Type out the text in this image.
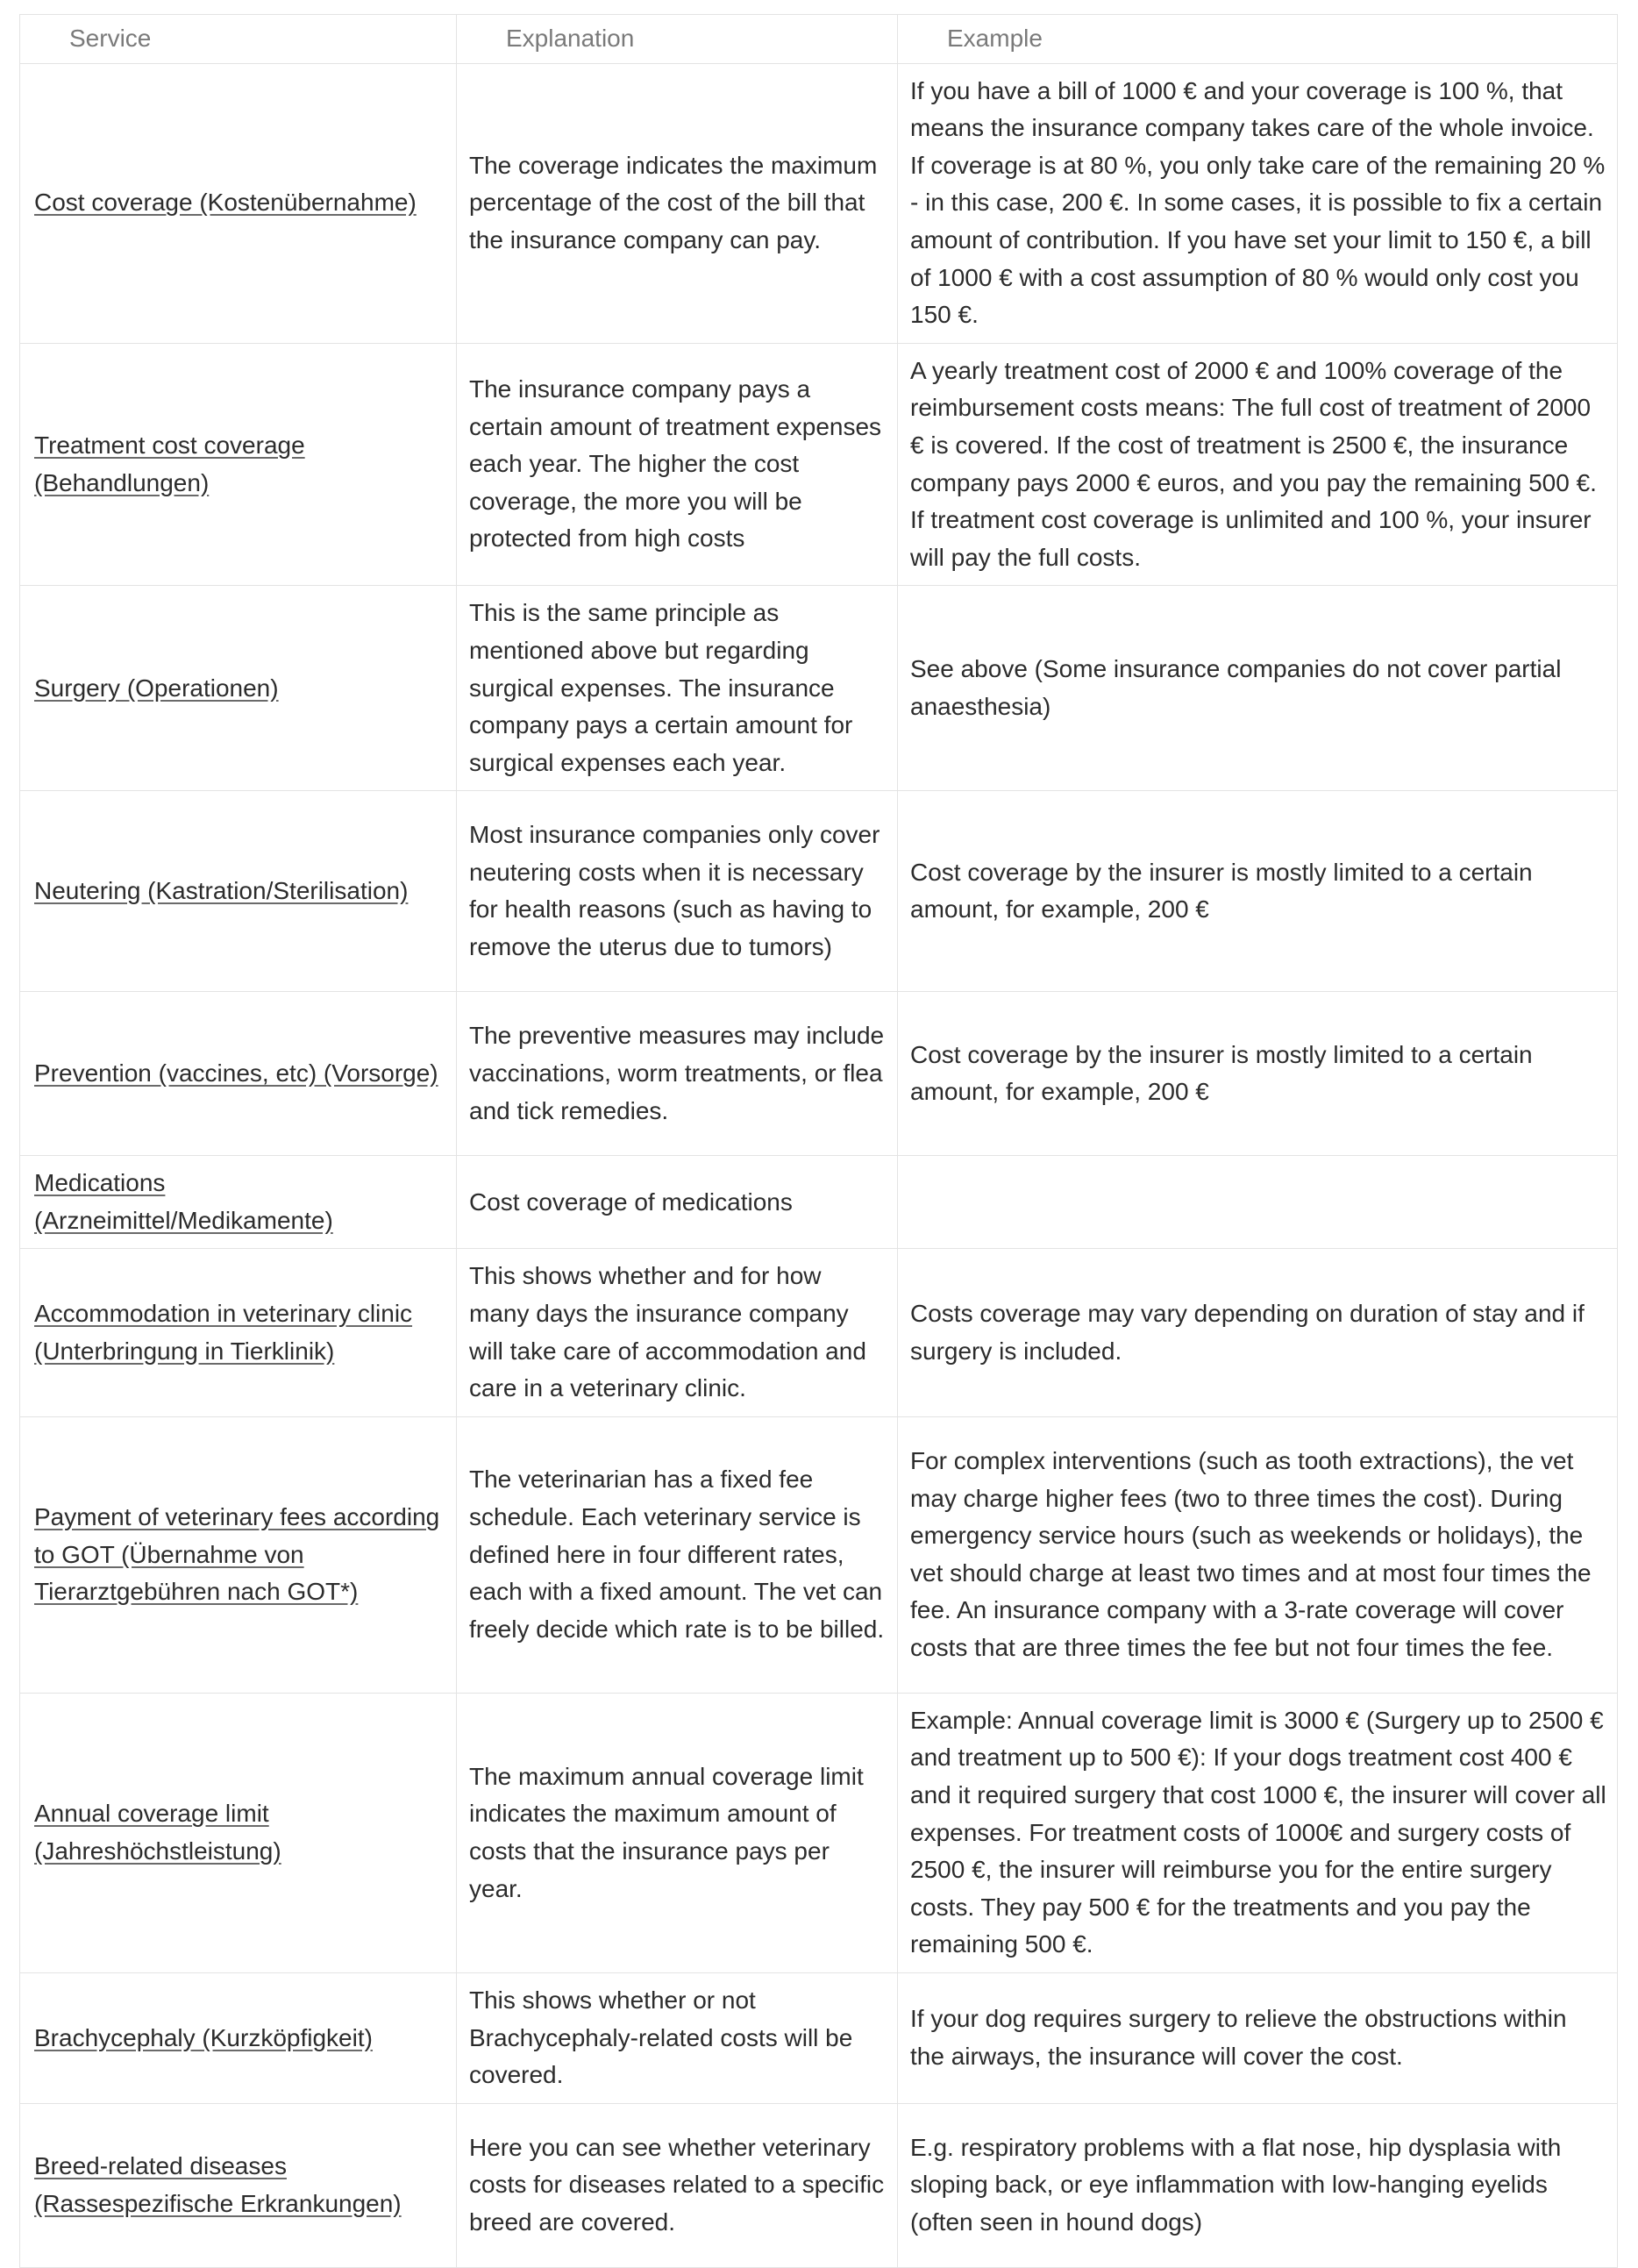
Service	Explanation	Example
Cost coverage (Kostenübernahme)	The coverage indicates the maximum percentage of the cost of the bill that the insurance company can pay.	If you have a bill of 1000 € and your coverage is 100 %, that means the insurance company takes care of the whole invoice. If coverage is at 80 %, you only take care of the remaining 20 % - in this case, 200 €. In some cases, it is possible to fix a certain amount of contribution. If you have set your limit to 150 €, a bill of 1000 € with a cost assumption of 80 % would only cost you 150 €.
Treatment cost coverage (Behandlungen)	The insurance company pays a certain amount of treatment expenses each year. The higher the cost coverage, the more you will be protected from high costs	A yearly treatment cost of 2000 € and 100% coverage of the reimbursement costs means: The full cost of treatment of 2000 € is covered. If the cost of treatment is 2500 €, the insurance company pays 2000 € euros, and you pay the remaining 500 €. If treatment cost coverage is unlimited and 100 %, your insurer will pay the full costs.
Surgery (Operationen)	This is the same principle as mentioned above but regarding surgical expenses. The insurance company pays a certain amount for surgical expenses each year.	See above (Some insurance companies do not cover partial anaesthesia)
Neutering (Kastration/Sterilisation)	Most insurance companies only cover neutering costs when it is necessary for health reasons (such as having to remove the uterus due to tumors)	Cost coverage by the insurer is mostly limited to a certain amount, for example, 200 €
Prevention (vaccines, etc) (Vorsorge)	The preventive measures may include vaccinations, worm treatments, or flea and tick remedies.	Cost coverage by the insurer is mostly limited to a certain amount, for example, 200 €
Medications (Arzneimittel/Medikamente)	Cost coverage of medications	
Accommodation in veterinary clinic (Unterbringung in Tierklinik)	This shows whether and for how many days the insurance company will take care of accommodation and care in a veterinary clinic.	Costs coverage may vary depending on duration of stay and if surgery is included.
Payment of veterinary fees according to GOT (Übernahme von Tierarztgebühren nach GOT*)	The veterinarian has a fixed fee schedule. Each veterinary service is defined here in four different rates, each with a fixed amount. The vet can freely decide which rate is to be billed.	For complex interventions (such as tooth extractions), the vet may charge higher fees (two to three times the cost). During emergency service hours (such as weekends or holidays), the vet should charge at least two times and at most four times the fee. An insurance company with a 3-rate coverage will cover costs that are three times the fee but not four times the fee.
Annual coverage limit (Jahreshöchstleistung)	The maximum annual coverage limit indicates the maximum amount of costs that the insurance pays per year.	Example: Annual coverage limit is 3000 € (Surgery up to 2500 € and treatment up to 500 €): If your dogs treatment cost 400 € and it required surgery that cost 1000 €, the insurer will cover all expenses. For treatment costs of 1000€ and surgery costs of 2500 €, the insurer will reimburse you for the entire surgery costs. They pay 500 € for the treatments and you pay the remaining 500 €.
Brachycephaly (Kurzköpfigkeit)	This shows whether or not Brachycephaly-related costs will be covered.	If your dog requires surgery to relieve the obstructions within the airways, the insurance will cover the cost.
Breed-related diseases (Rassespezifische Erkrankungen)	Here you can see whether veterinary costs for diseases related to a specific breed are covered.	E.g. respiratory problems with a flat nose, hip dysplasia with sloping back, or eye inflammation with low-hanging eyelids (often seen in hound dogs)
